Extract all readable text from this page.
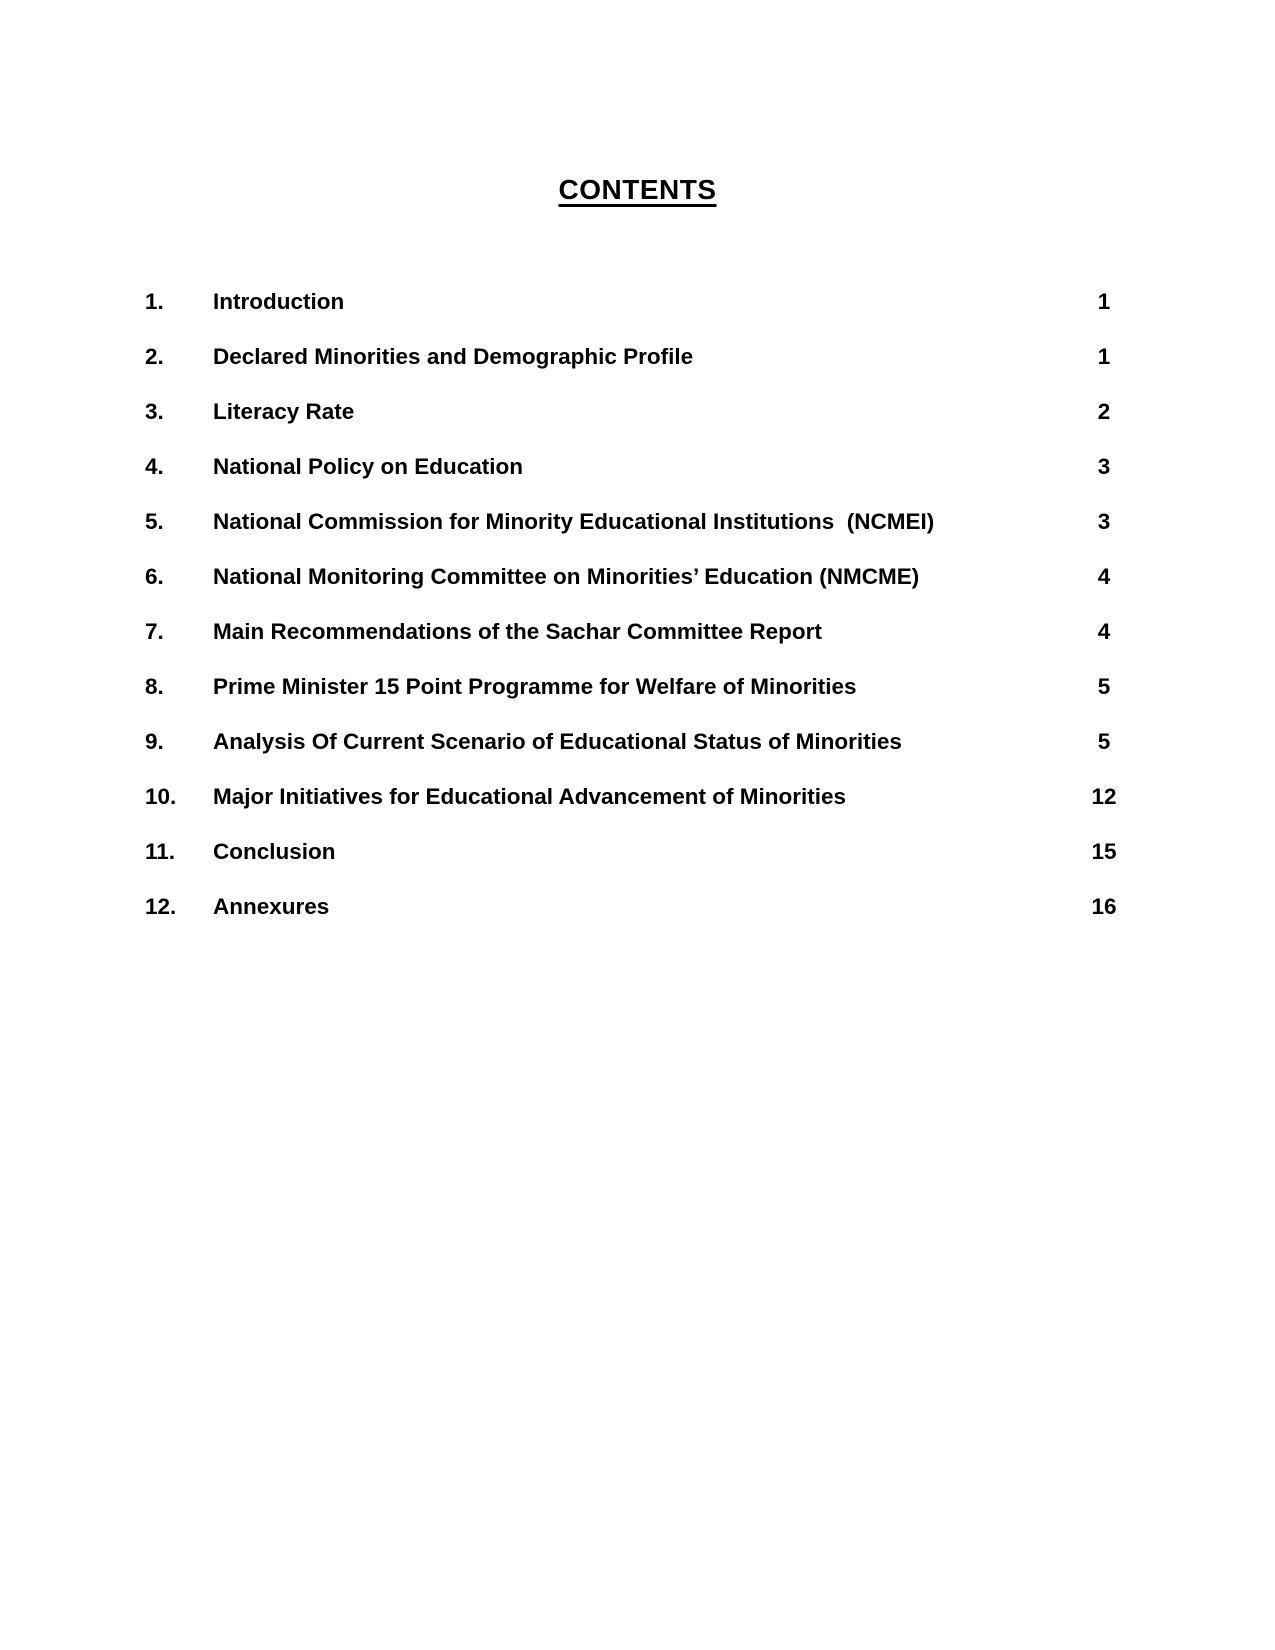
CONTENTS
1.	Introduction	1
2.	Declared Minorities and Demographic Profile	1
3.	Literacy Rate	2
4.	National Policy on Education	3
5.	National Commission for Minority Educational Institutions  (NCMEI)	3
6.	National Monitoring Committee on Minorities’ Education (NMCME)	4
7.	Main Recommendations of the Sachar Committee Report	4
8.	Prime Minister 15 Point Programme for Welfare of Minorities	5
9.	Analysis Of Current Scenario of Educational Status of Minorities	5
10.	Major Initiatives for Educational Advancement of Minorities	12
11.	Conclusion	15
12.	Annexures	16
